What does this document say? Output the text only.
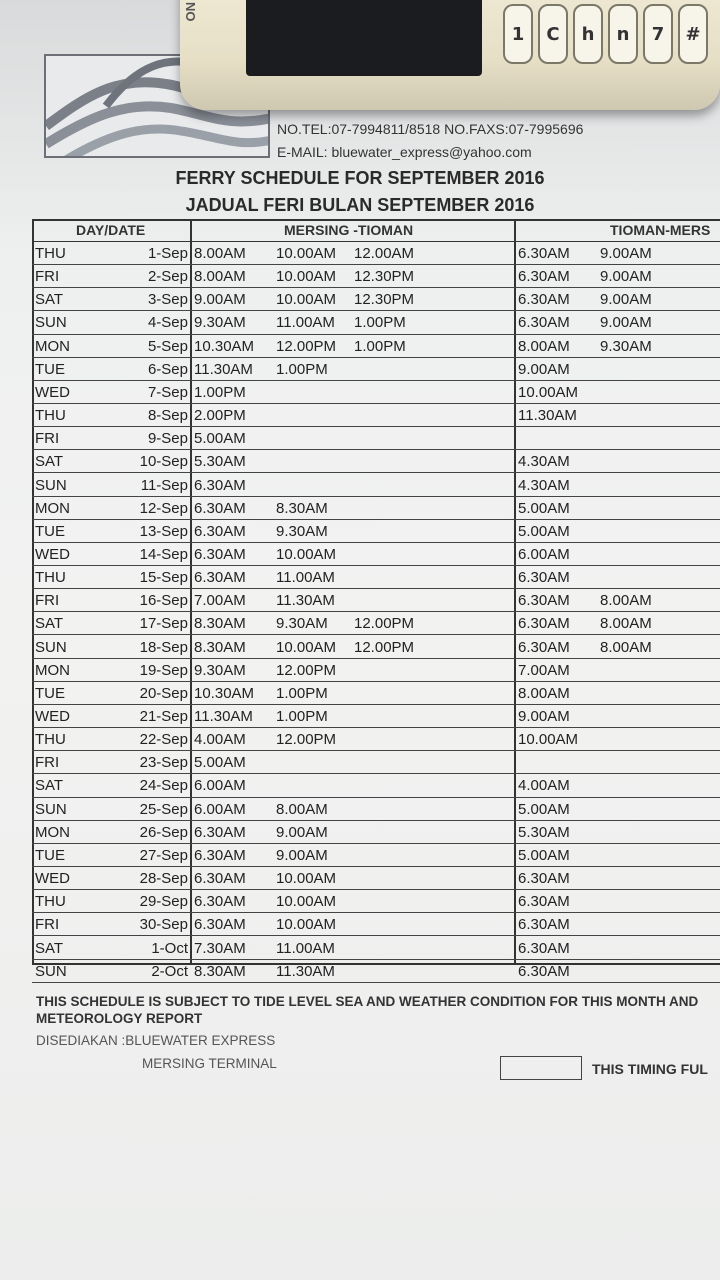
NO
1	C	h	n	7	#
NO.TEL:07-7994811/8518 NO.FAXS:07-7995696
E-MAIL: bluewater_express@yahoo.com
FERRY SCHEDULE FOR SEPTEMBER 2016
JADUAL FERI BULAN SEPTEMBER 2016
DAY/DATE	MERSING -TIOMAN	TIOMAN-MERS
THU	1-Sep 8.00AM 10.00AM 12.00AM	6.30AM 9.00AM
FRI	2-Sep 8.00AM 10.00AM 12.30PM	6.30AM 9.00AM
SAT	3-Sep 9.00AM 10.00AM 12.30PM	6.30AM 9.00AM
SUN	4-Sep 9.30AM 11.00AM 1.00PM	6.30AM 9.00AM
MON	5-Sep 10.30AM 12.00PM 1.00PM	8.00AM 9.30AM
TUE	6-Sep 11.30AM 1.00PM	9.00AM
WED	7-Sep 1.00PM	10.00AM
THU	8-Sep 2.00PM	11.30AM
FRI	9-Sep 5.00AM
SAT	10-Sep 5.30AM	4.30AM
SUN	11-Sep 6.30AM	4.30AM
MON	12-Sep 6.30AM 8.30AM	5.00AM
TUE	13-Sep 6.30AM 9.30AM	5.00AM
WED	14-Sep 6.30AM 10.00AM	6.00AM
THU	15-Sep 6.30AM 11.00AM	6.30AM
FRI	16-Sep 7.00AM 11.30AM	6.30AM 8.00AM
SAT	17-Sep 8.30AM 9.30AM 12.00PM	6.30AM 8.00AM
SUN	18-Sep 8.30AM 10.00AM 12.00PM	6.30AM 8.00AM
MON	19-Sep 9.30AM 12.00PM	7.00AM
TUE	20-Sep 10.30AM 1.00PM	8.00AM
WED	21-Sep 11.30AM 1.00PM	9.00AM
THU	22-Sep 4.00AM 12.00PM	10.00AM
FRI	23-Sep 5.00AM
SAT	24-Sep 6.00AM	4.00AM
SUN	25-Sep 6.00AM 8.00AM	5.00AM
MON	26-Sep 6.30AM 9.00AM	5.30AM
TUE	27-Sep 6.30AM 9.00AM	5.00AM
WED	28-Sep 6.30AM 10.00AM	6.30AM
THU	29-Sep 6.30AM 10.00AM	6.30AM
FRI	30-Sep 6.30AM 10.00AM	6.30AM
SAT	1-Oct 7.30AM 11.00AM	6.30AM
SUN	2-Oct 8.30AM 11.30AM	6.30AM
THIS SCHEDULE IS SUBJECT TO TIDE LEVEL SEA AND WEATHER CONDITION FOR THIS MONTH AND
METEOROLOGY REPORT
DISEDIAKAN :BLUEWATER EXPRESS
MERSING TERMINAL	THIS TIMING FUL
